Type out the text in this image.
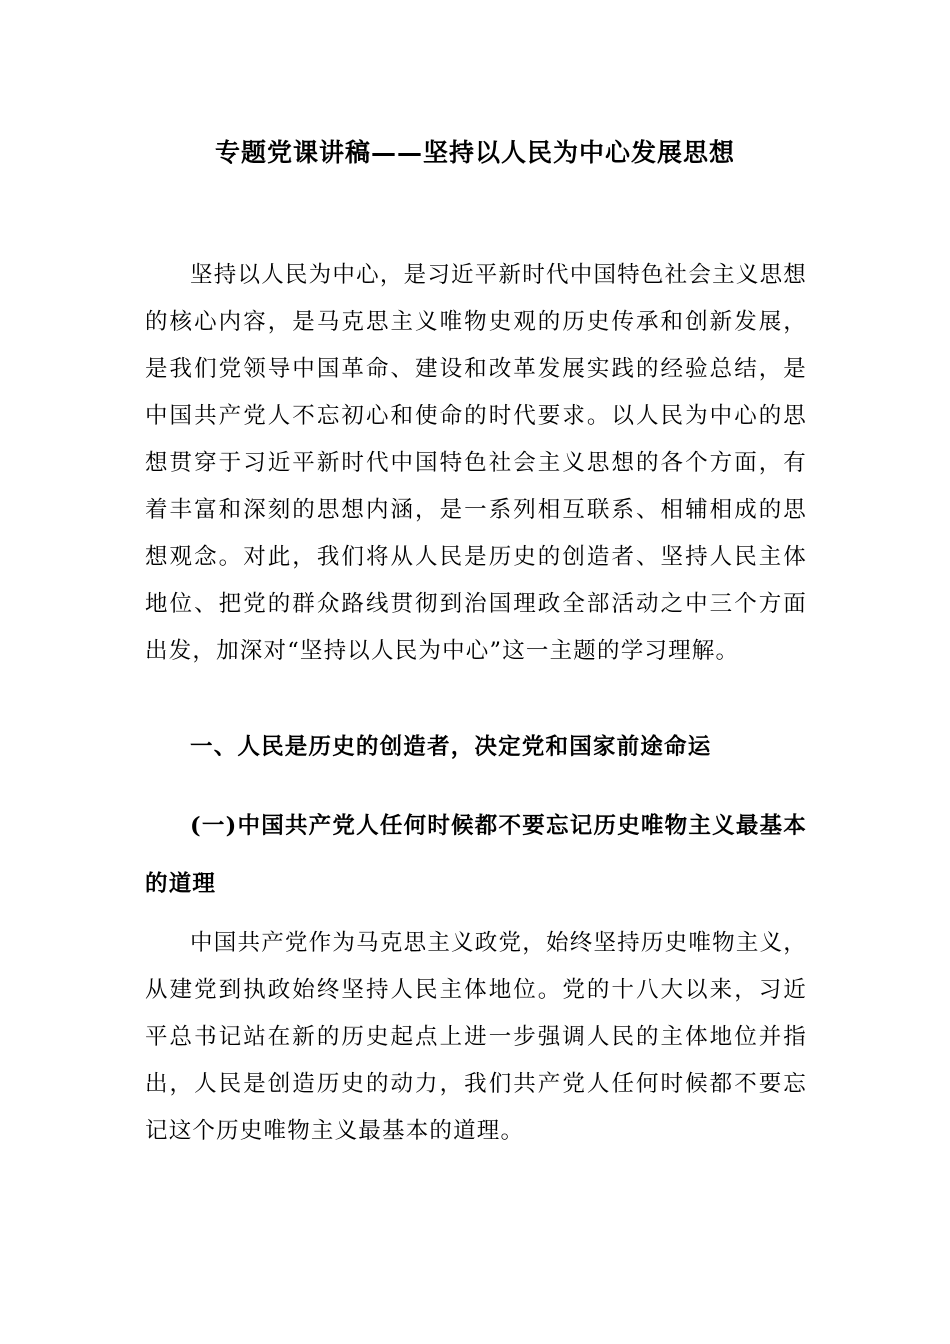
专题党课讲稿——坚持以人民为中心发展思想

坚持以人民为中心，是习近平新时代中国特色社会主义思想的核心内容，是马克思主义唯物史观的历史传承和创新发展，是我们党领导中国革命、建设和改革发展实践的经验总结，是中国共产党人不忘初心和使命的时代要求。以人民为中心的思想贯穿于习近平新时代中国特色社会主义思想的各个方面，有着丰富和深刻的思想内涵，是一系列相互联系、相辅相成的思想观念。对此，我们将从人民是历史的创造者、坚持人民主体地位、把党的群众路线贯彻到治国理政全部活动之中三个方面出发，加深对“坚持以人民为中心”这一主题的学习理解。

一、人民是历史的创造者，决定党和国家前途命运

(一)中国共产党人任何时候都不要忘记历史唯物主义最基本的道理

中国共产党作为马克思主义政党，始终坚持历史唯物主义，从建党到执政始终坚持人民主体地位。党的十八大以来，习近平总书记站在新的历史起点上进一步强调人民的主体地位并指出，人民是创造历史的动力，我们共产党人任何时候都不要忘记这个历史唯物主义最基本的道理。
